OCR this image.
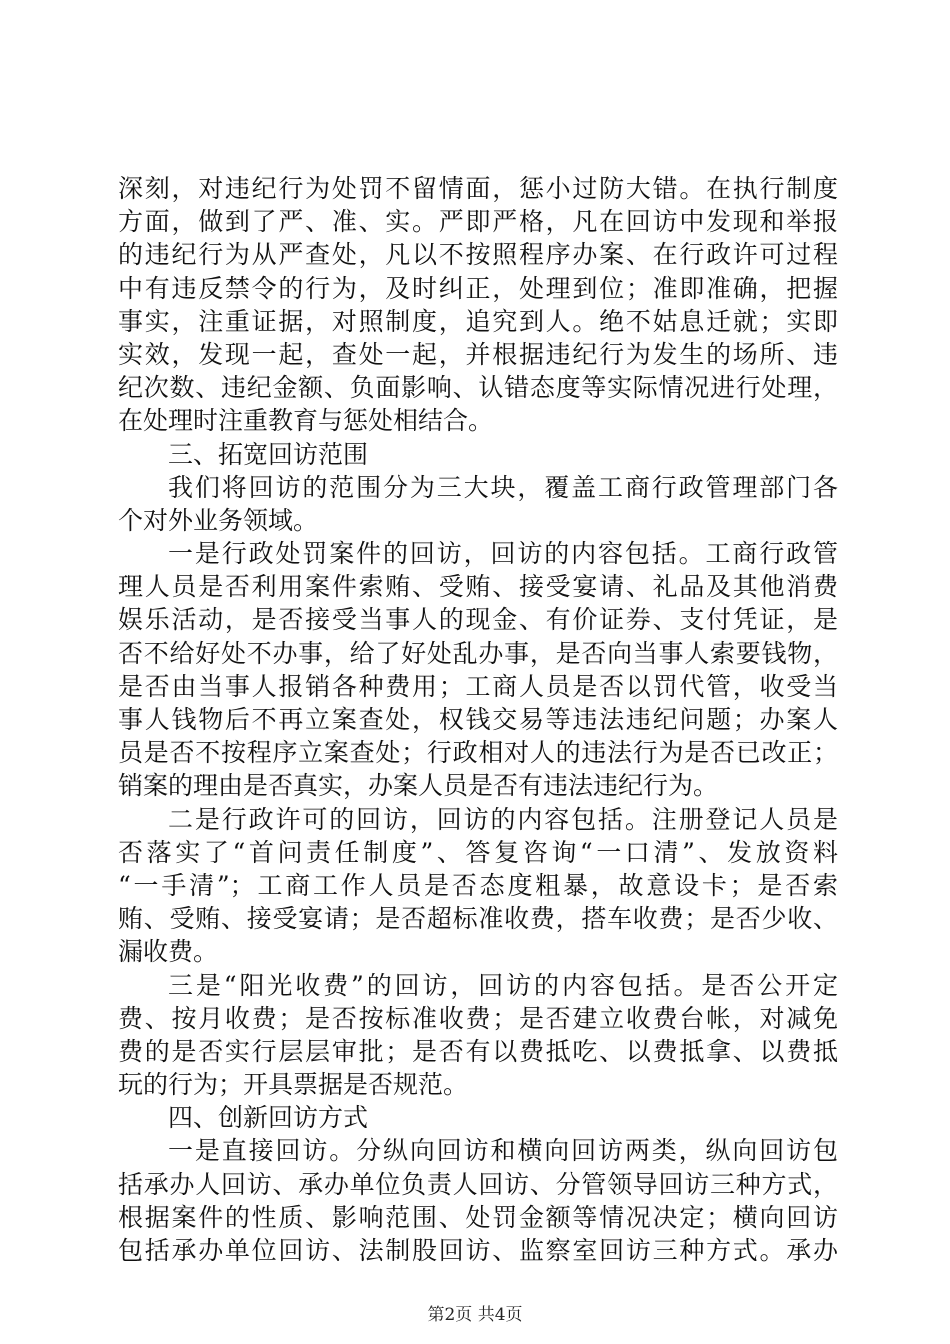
深刻，对违纪行为处罚不留情面，惩小过防大错。在执行制度
方面，做到了严、准、实。严即严格，凡在回访中发现和举报
的违纪行为从严查处，凡以不按照程序办案、在行政许可过程
中有违反禁令的行为，及时纠正，处理到位；准即准确，把握
事实，注重证据，对照制度，追究到人。绝不姑息迁就；实即
实效，发现一起，查处一起，并根据违纪行为发生的场所、违
纪次数、违纪金额、负面影响、认错态度等实际情况进行处理，
在处理时注重教育与惩处相结合。
三、拓宽回访范围
我们将回访的范围分为三大块，覆盖工商行政管理部门各
个对外业务领域。
一是行政处罚案件的回访，回访的内容包括。工商行政管
理人员是否利用案件索贿、受贿、接受宴请、礼品及其他消费
娱乐活动，是否接受当事人的现金、有价证券、支付凭证，是
否不给好处不办事，给了好处乱办事，是否向当事人索要钱物，
是否由当事人报销各种费用；工商人员是否以罚代管，收受当
事人钱物后不再立案查处，权钱交易等违法违纪问题；办案人
员是否不按程序立案查处；行政相对人的违法行为是否已改正；
销案的理由是否真实，办案人员是否有违法违纪行为。
二是行政许可的回访，回访的内容包括。注册登记人员是
否落实了“首问责任制度”、答复咨询“一口清”、发放资料
“一手清”；工商工作人员是否态度粗暴，故意设卡；是否索
贿、受贿、接受宴请；是否超标准收费，搭车收费；是否少收、
漏收费。
三是“阳光收费”的回访，回访的内容包括。是否公开定
费、按月收费；是否按标准收费；是否建立收费台帐，对减免
费的是否实行层层审批；是否有以费抵吃、以费抵拿、以费抵
玩的行为；开具票据是否规范。
四、创新回访方式
一是直接回访。分纵向回访和横向回访两类，纵向回访包
括承办人回访、承办单位负责人回访、分管领导回访三种方式，
根据案件的性质、影响范围、处罚金额等情况决定；横向回访
包括承办单位回访、法制股回访、监察室回访三种方式。承办
第2页 共4页
